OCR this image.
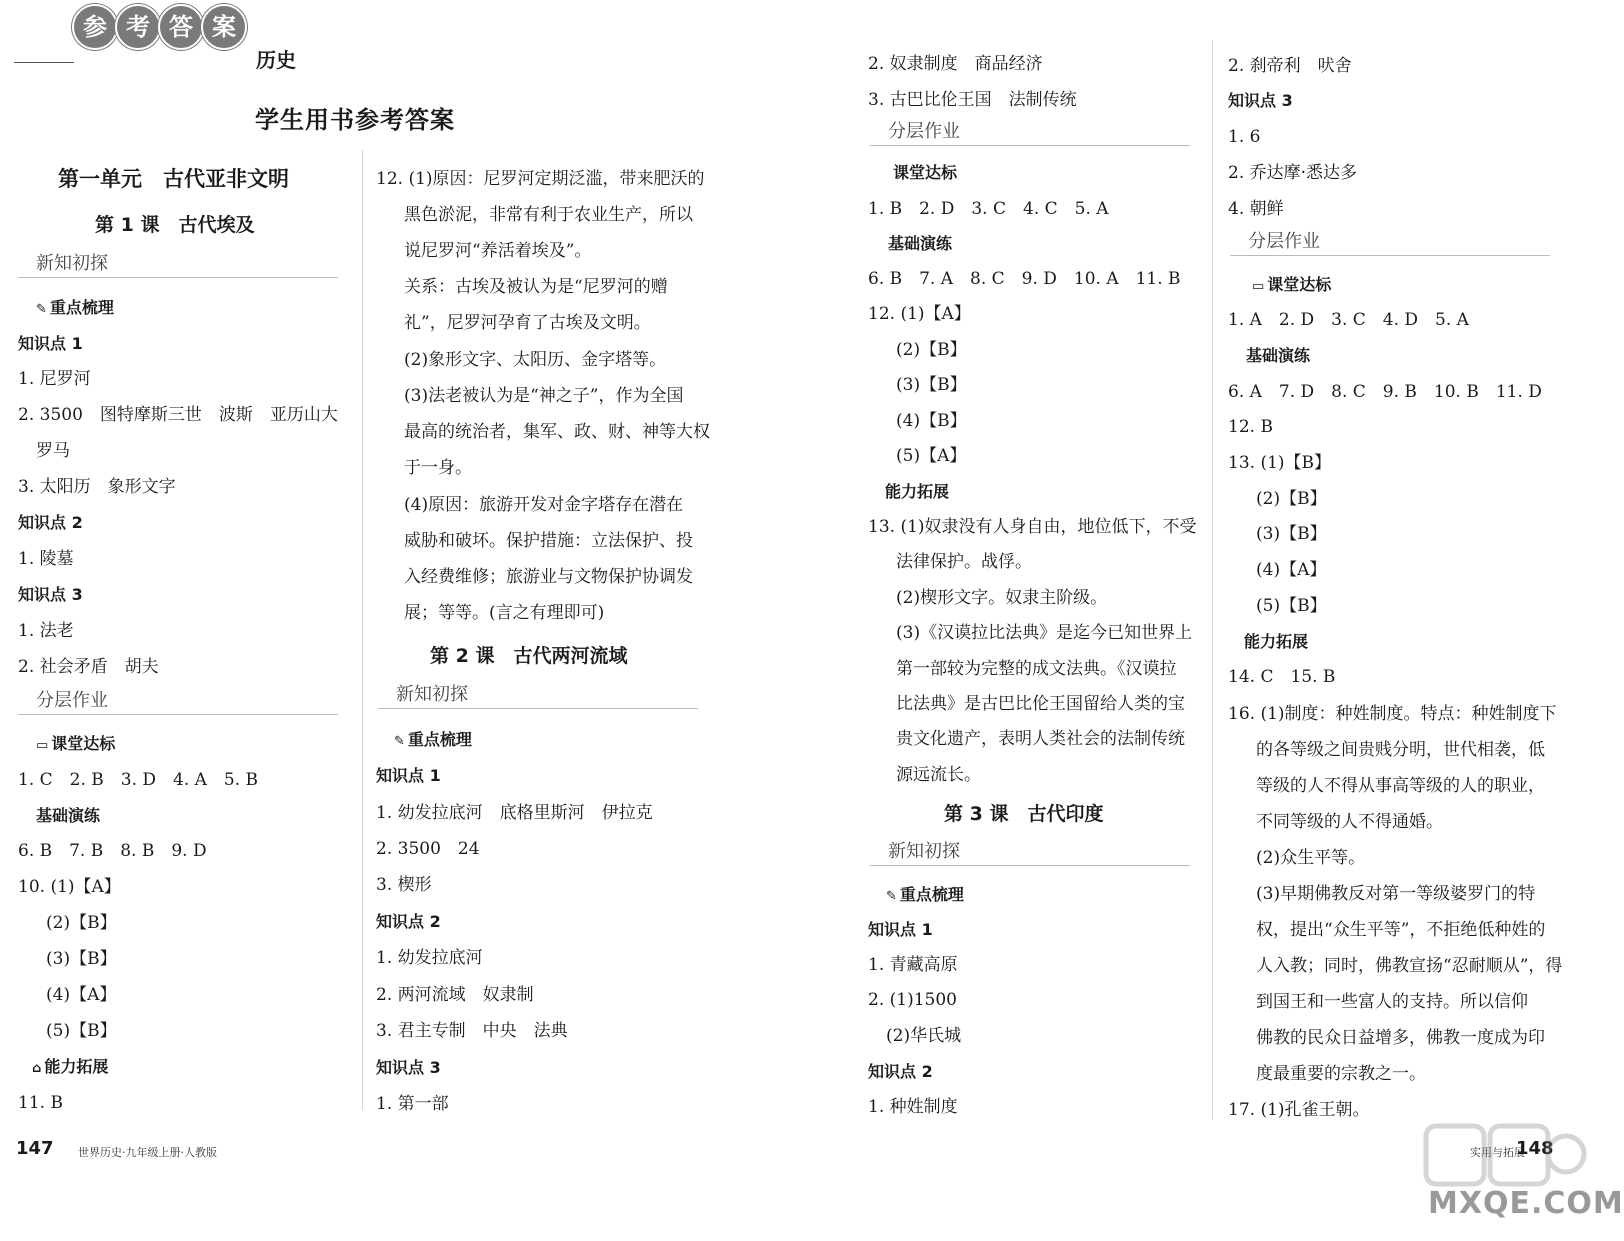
参 考 答 案
历史
学生用书参考答案
第一单元　古代亚非文明
第 1 课　古代埃及
新知初探
✎ 重点梳理
知识点 1
1. 尼罗河
2. 3500　图特摩斯三世　波斯　亚历山大
罗马
3. 太阳历　象形文字
知识点 2
1. 陵墓
知识点 3
1. 法老
2. 社会矛盾　胡夫
分层作业
▭ 课堂达标
1. C　2. B　3. D　4. A　5. B
基础演练
6. B　7. B　8. B　9. D
10. (1)【A】
(2)【B】
(3)【B】
(4)【A】
(5)【B】
⌂ 能力拓展
11. B
12. (1)原因：尼罗河定期泛滥，带来肥沃的
黑色淤泥，非常有利于农业生产，所以
说尼罗河“养活着埃及”。
关系：古埃及被认为是“尼罗河的赠
礼”，尼罗河孕育了古埃及文明。
(2)象形文字、太阳历、金字塔等。
(3)法老被认为是“神之子”，作为全国
最高的统治者，集军、政、财、神等大权
于一身。
(4)原因：旅游开发对金字塔存在潜在
威胁和破坏。保护措施：立法保护、投
入经费维修；旅游业与文物保护协调发
展；等等。(言之有理即可)
第 2 课　古代两河流域
新知初探
✎ 重点梳理
知识点 1
1. 幼发拉底河　底格里斯河　伊拉克
2. 3500　24
3. 楔形
知识点 2
1. 幼发拉底河
2. 两河流域　奴隶制
3. 君主专制　中央　法典
知识点 3
1. 第一部
2. 奴隶制度　商品经济
3. 古巴比伦王国　法制传统
分层作业
课堂达标
1. B　2. D　3. C　4. C　5. A
基础演练
6. B　7. A　8. C　9. D　10. A　11. B
12. (1)【A】
(2)【B】
(3)【B】
(4)【B】
(5)【A】
能力拓展
13. (1)奴隶没有人身自由，地位低下，不受
法律保护。战俘。
(2)楔形文字。奴隶主阶级。
(3)《汉谟拉比法典》是迄今已知世界上
第一部较为完整的成文法典。《汉谟拉
比法典》是古巴比伦王国留给人类的宝
贵文化遗产，表明人类社会的法制传统
源远流长。
第 3 课　古代印度
新知初探
✎ 重点梳理
知识点 1
1. 青藏高原
2. (1)1500
(2)华氏城
知识点 2
1. 种姓制度
2. 刹帝利　吠舍
知识点 3
1. 6
2. 乔达摩·悉达多
4. 朝鲜
分层作业
▭ 课堂达标
1. A　2. D　3. C　4. D　5. A
基础演练
6. A　7. D　8. C　9. B　10. B　11. D
12. B
13. (1)【B】
(2)【B】
(3)【B】
(4)【A】
(5)【B】
能力拓展
14. C　15. B
16. (1)制度：种姓制度。特点：种姓制度下
的各等级之间贵贱分明，世代相袭，低
等级的人不得从事高等级的人的职业，
不同等级的人不得通婚。
(2)众生平等。
(3)早期佛教反对第一等级婆罗门的特
权，提出“众生平等”，不拒绝低种姓的
人入教；同时，佛教宣扬“忍耐顺从”，得
到国王和一些富人的支持。所以信仰
佛教的民众日益增多，佛教一度成为印
度最重要的宗教之一。
17. (1)孔雀王朝。
147 世界历史·九年级上册·人教版	实用与拓展
148
MXQE.COM
